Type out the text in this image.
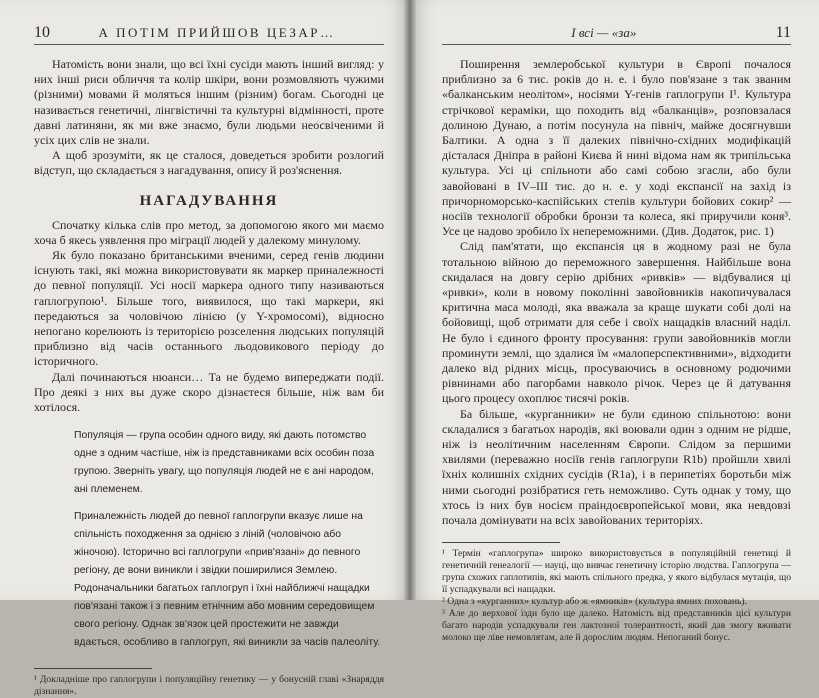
10	А ПОТІМ ПРИЙШОВ ЦЕЗАР…

Натомість вони знали, що всі їхні сусіди мають інший вигляд: у них інші риси обличчя та колір шкіри, вони розмовляють чужими (різними) мовами й моляться іншим (різним) богам. Сьогодні це називається генетичні, лінгвістичні та культурні відмінності, проте давні латиняни, як ми вже знаємо, були людьми неосвіченими й усіх цих слів не знали.

А щоб зрозуміти, як це сталося, доведеться зробити розлогий відступ, що складається з нагадування, опису й роз'яснення.

НАГАДУВАННЯ

Спочатку кілька слів про метод, за допомогою якого ми маємо хоча б якесь уявлення про міграції людей у далекому минулому.

Як було показано британськими вченими, серед генів людини існують такі, які можна використовувати як маркер приналежності до певної популяції. Усі носії маркера одного типу називаються гаплогрупою¹. Більше того, виявилося, що такі маркери, які передаються за чоловічою лінією (у Y-хромосомі), відносно непогано корелюють із територією розселення людських популяцій приблизно від часів останнього льодовикового періоду до історичного.

Далі починаються нюанси… Та не будемо випереджати події. Про деякі з них вы дуже скоро дізнаєтеся більше, ніж вам би хотілося.

Популяція — група особин одного виду, які дають потомство одне з одним частіше, ніж із представниками всіх особин поза групою. Зверніть увагу, що популяція людей не є ані народом, ані племенем.

Приналежність людей до певної гаплогрупи вказує лише на спільність походження за однією з ліній (чоловічою або жіночою). Історично всі гаплогрупи «прив'язані» до певного регіону, де вони виникли і звідки поширилися Землею. Родоначальники багатьох гаплогруп і їхні найближчі нащадки пов'язані також і з певним етнічним або мовним середовищем свого регіону. Однак зв'язок цей простежити не завжди вдається, особливо в гаплогруп, які виникли за часів палеоліту.

¹ Докладніше про гаплогрупи і популяційну генетику — у бонусній главі «Знаряддя дізнання».

І всі — «за»	11

Поширення землеробської культури в Європі почалося приблизно за 6 тис. років до н. е. і було пов'язане з так званим «балканським неолітом», носіями Y-генів гаплогрупи I¹. Культура стрічкової кераміки, що походить від «балканців», розповзалася долиною Дунаю, а потім посунула на північ, майже досягнувши Балтики. А одна з її далеких північно-східних модифікацій дісталася Дніпра в районі Києва й нині відома нам як трипільська культура. Усі ці спільноти або самі собою згасли, або були завойовані в IV–III тис. до н. е. у ході експансії на захід із причорноморсько-каспійських степів культури бойових сокир² — носіїв технології обробки бронзи та колеса, які приручили коня³. Усе це надово зробило їх непереможними. (Див. Додаток, рис. 1)

Слід пам'ятати, що експансія ця в жодному разі не була тотальною війною до переможного завершення. Найбільше вона скидалася на довгу серію дрібних «ривків» — відбувалися ці «ривки», коли в новому поколінні завойовників накопичувалася критична маса молоді, яка вважала за краще шукати собі долі на бойовищі, щоб отримати для себе і своїх нащадків власний наділ. Не було і єдиного фронту просування: групи завойовників могли проминути землі, що здалися їм «малоперспективними», відходити далеко від рідних місць, просуваючись в основному родючими рівнинами або пагорбами навколо річок. Через це й датування цього процесу охоплює тисячі років.

Ба більше, «курганники» не були єдиною спільнотою: вони складалися з багатьох народів, які воювали один з одним не рідше, ніж із неолітичним населенням Європи. Слідом за першими хвилями (переважно носіїв генів гаплогрупи R1b) пройшли хвилі їхніх колишніх східних сусідів (R1a), і в перипетіях боротьби між ними сьогодні розібратися геть неможливо. Суть однак у тому, що хтось із них був носієм праіндоєвропейської мови, яка невдовзі почала домінувати на всіх завойованих територіях.

¹ Термін «гаплогрупа» широко використовується в популяційній генетиці й генетичній генеалогії — науці, що вивчає генетичну історію людства. Гаплогрупа — група схожих гаплотипів, які мають спільного предка, у якого відбулася мутація, що її успадкували всі нащадки.

² Одна з «курганних» культур або ж «ямників» (культура ямних поховань).

³ Але до верхової їзди було ще далеко. Натомість від представників цієї культури багато народів успадкували ген лактозної толерантності, який дав змогу вживати молоко ще ліве немовлятам, але й дорослим людям. Непоганий бонус.
